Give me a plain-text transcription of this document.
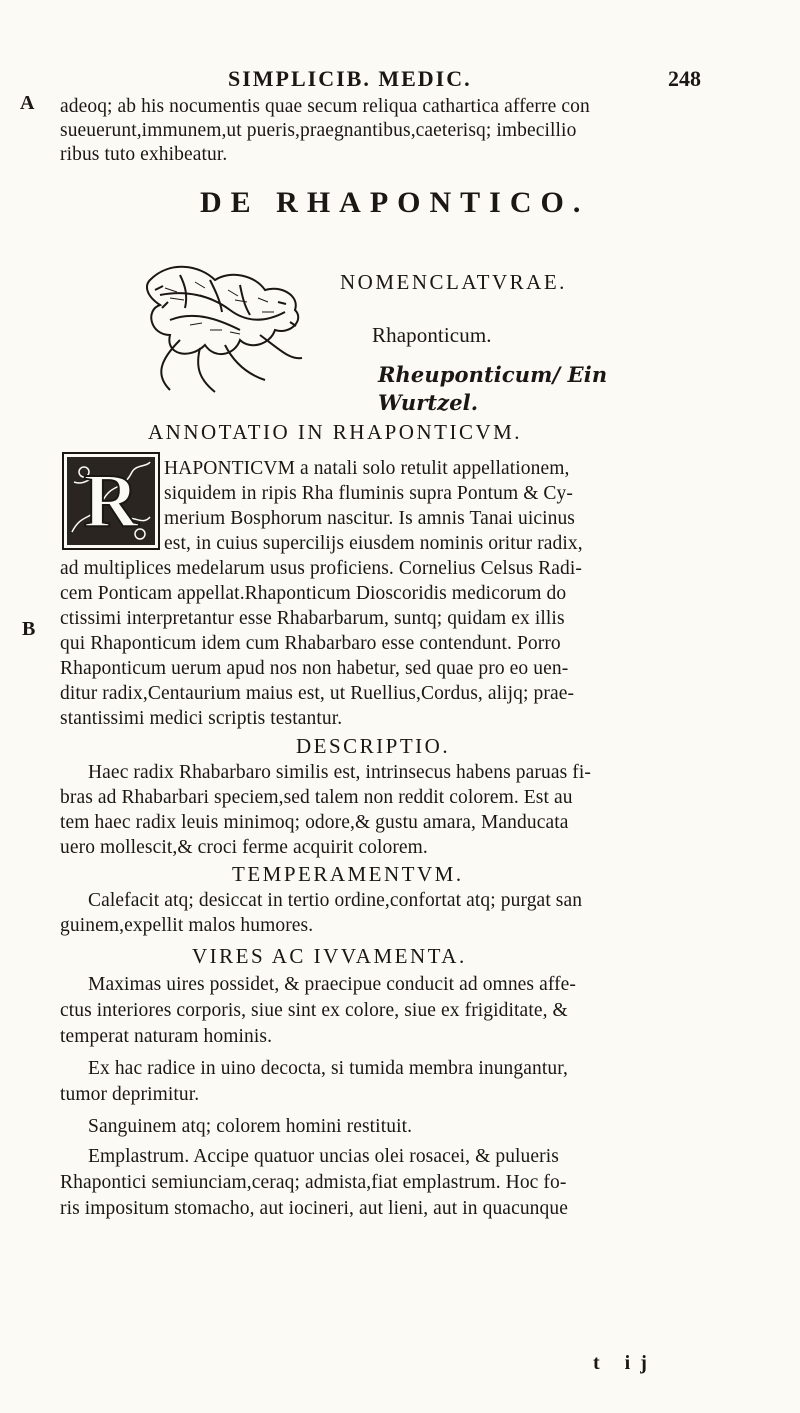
SIMPLICIB. MEDIC.	248
A
B
adeoq; ab his nocumentis quae secum reliqua cathartica afferre con
sueuerunt,immunem,ut pueris,praegnantibus,caeterisq; imbecillio
ribus tuto exhibeatur.
DE RHAPONTICO.
NOMENCLATVRAE.
Rhaponticum.
Rheuponticum/ Ein
Wurtzel.
ANNOTATIO IN RHAPONTICVM.
R	HAPONTICVM a natali solo retulit appellationem,
siquidem in ripis Rha fluminis supra Pontum & Cy-
merium Bosphorum nascitur. Is amnis Tanai uicinus
est, in cuius supercilijs eiusdem nominis oritur radix,
ad multiplices medelarum usus proficiens. Cornelius Celsus Radi-
cem Ponticam appellat.Rhaponticum Dioscoridis medicorum do
ctissimi interpretantur esse Rhabarbarum, suntq; quidam ex illis
qui Rhaponticum idem cum Rhabarbaro esse contendunt. Porro
Rhaponticum uerum apud nos non habetur, sed quae pro eo uen-
ditur radix,Centaurium maius est, ut Ruellius,Cordus, alijq; prae-
stantissimi medici scriptis testantur.
DESCRIPTIO.
Haec radix Rhabarbaro similis est, intrinsecus habens paruas fi-
bras ad Rhabarbari speciem,sed talem non reddit colorem. Est au
tem haec radix leuis minimoq; odore,& gustu amara, Manducata
uero mollescit,& croci ferme acquirit colorem.
TEMPERAMENTVM.
Calefacit atq; desiccat in tertio ordine,confortat atq; purgat san
guinem,expellit malos humores.
VIRES AC IVVAMENTA.
Maximas uires possidet, & praecipue conducit ad omnes affe-
ctus interiores corporis, siue sint ex colore, siue ex frigiditate, &
temperat naturam hominis.
Ex hac radice in uino decocta, si tumida membra inungantur,
tumor deprimitur.
Sanguinem atq; colorem homini restituit.
Emplastrum. Accipe quatuor uncias olei rosacei, & pulueris
Rhapontici semiunciam,ceraq; admista,fiat emplastrum. Hoc fo-
ris impositum stomacho, aut iocineri, aut lieni, aut in quacunque
t ij
